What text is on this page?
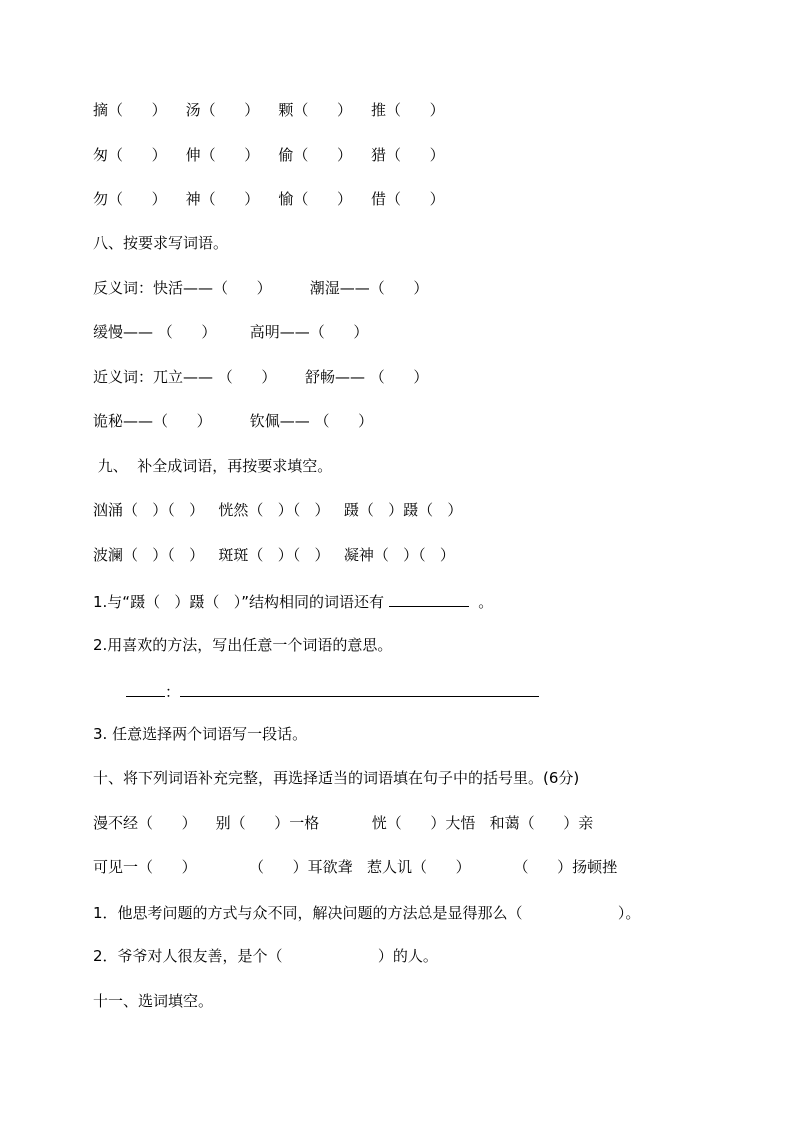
摘（      ）    汤（      ）    颗（      ）    推（      ）

匆（      ）    伸（      ）    偷（      ）    猎（      ）

勿（      ）    神（      ）    愉（      ）    借（      ）

八、按要求写词语。

反义词：快活——（      ）        潮湿——（      ）

缓慢—— （      ）       高明——（      ）

近义词：兀立—— （      ）      舒畅—— （      ）

诡秘——（      ）        钦佩—— （      ）

九、  补全成词语，再按要求填空。

汹涌（   ）（   ）   恍然（   ）（   ）   蹑（   ）蹑（   ）

波澜（   ）（   ）   斑斑（   ）（   ）   凝神（   ）（   ）

1.与“蹑（   ）蹑（   ）”结构相同的词语还有	。

2.用喜欢的方法，写出任意一个词语的意思。

：

3. 任意选择两个词语写一段话。

十、将下列词语补充完整，再选择适当的词语填在句子中的括号里。(6分)

漫不经（      ）    别（      ）一格           恍（      ）大悟   和蔼（      ）亲

可见一（      ）           （      ）耳欲聋   惹人讥（      ）         （      ）扬顿挫

1．他思考问题的方式与众不同，解决问题的方法总是显得那么（                    ）。

2．爷爷对人很友善，是个（                    ）的人。

十一、选词填空。
